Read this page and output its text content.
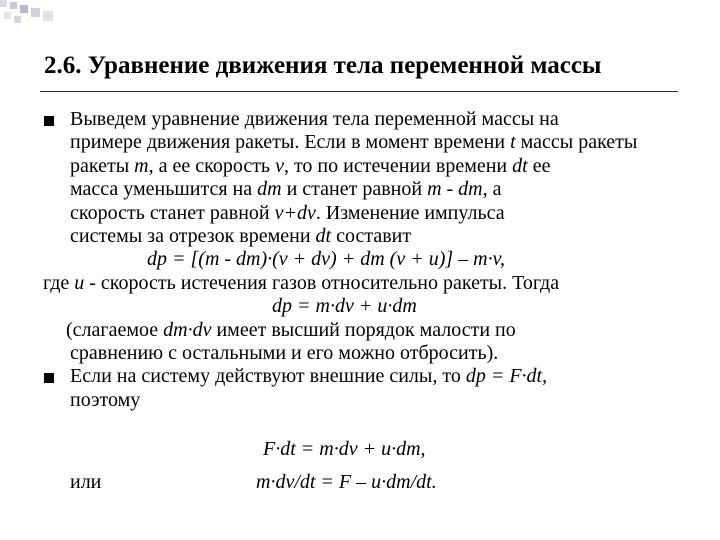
2.6. Уравнение движения тела переменной массы
Выведем уравнение движения тела переменной массы на
примере движения ракеты. Если в момент времени t массы ракеты
ракеты m, а ее скорость v, то по истечении времени dt ее
масса уменьшится на dm и станет равной m - dm, а
скорость станет равной v+dv. Изменение импульса
системы за отрезок времени dt составит
dp = [(m - dm)·(v + dv) + dm (v + u)] – m·v,
где u - скорость истечения газов относительно ракеты. Тогда
dp = m·dv + u·dm
(слагаемое dm·dv имеет высший порядок малости по
сравнению с остальными и его можно отбросить).
Если на систему действуют внешние силы, то dp = F·dt,
поэтому
F·dt = m·dv + u·dm,
или	m·dv/dt = F – u·dm/dt.
